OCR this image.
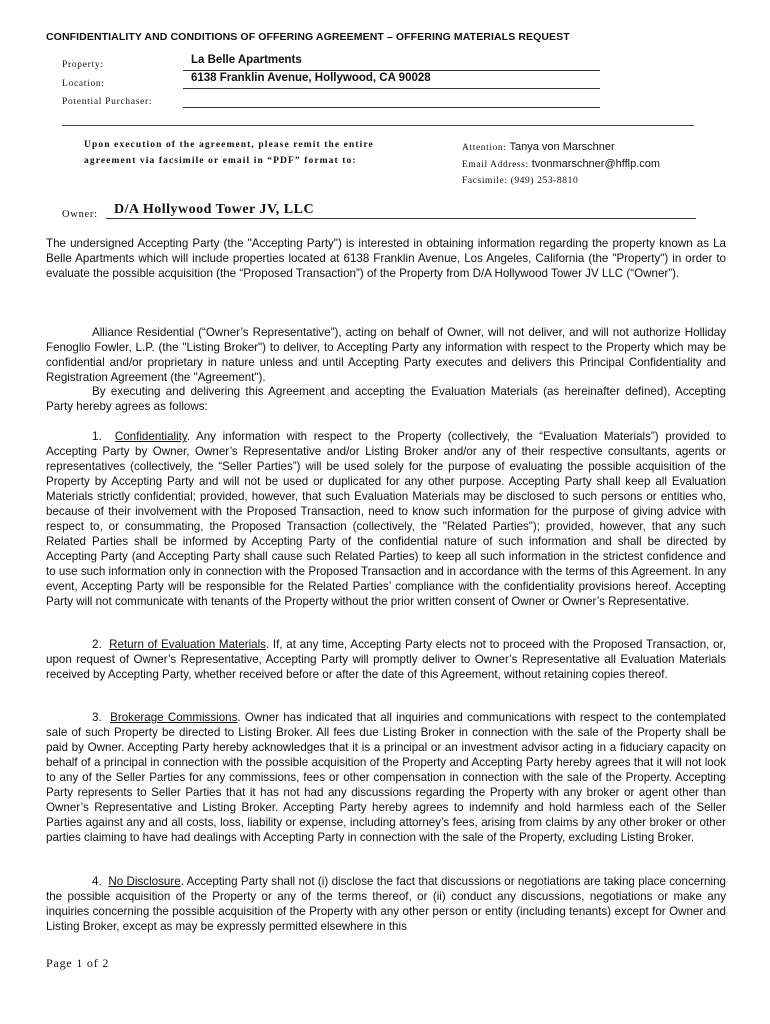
CONFIDENTIALITY AND CONDITIONS OF OFFERING AGREEMENT – OFFERING MATERIALS REQUEST
Property:	La Belle Apartments
Location:	6138 Franklin Avenue, Hollywood, CA 90028
Potential Purchaser:
Upon execution of the agreement, please remit the entire
agreement via facsimile or email in “PDF” format to:
Attention: Tanya von Marschner
Email Address: tvonmarschner@hfflp.com
Facsimile: (949) 253-8810
Owner: D/A Hollywood Tower JV, LLC
The undersigned Accepting Party (the "Accepting Party") is interested in obtaining information regarding the property known as La Belle Apartments which will include properties located at 6138 Franklin Avenue, Los Angeles, California (the "Property") in order to evaluate the possible acquisition (the “Proposed Transaction”) of the Property from D/A Hollywood Tower JV LLC (“Owner”).
Alliance Residential (“Owner’s Representative”), acting on behalf of Owner, will not deliver, and will not authorize Holliday Fenoglio Fowler, L.P. (the "Listing Broker") to deliver, to Accepting Party any information with respect to the Property which may be confidential and/or proprietary in nature unless and until Accepting Party executes and delivers this Principal Confidentiality and Registration Agreement (the "Agreement").
By executing and delivering this Agreement and accepting the Evaluation Materials (as hereinafter defined), Accepting Party hereby agrees as follows:
1. Confidentiality. Any information with respect to the Property (collectively, the “Evaluation Materials”) provided to Accepting Party by Owner, Owner’s Representative and/or Listing Broker and/or any of their respective consultants, agents or representatives (collectively, the “Seller Parties”) will be used solely for the purpose of evaluating the possible acquisition of the Property by Accepting Party and will not be used or duplicated for any other purpose. Accepting Party shall keep all Evaluation Materials strictly confidential; provided, however, that such Evaluation Materials may be disclosed to such persons or entities who, because of their involvement with the Proposed Transaction, need to know such information for the purpose of giving advice with respect to, or consummating, the Proposed Transaction (collectively, the "Related Parties"); provided, however, that any such Related Parties shall be informed by Accepting Party of the confidential nature of such information and shall be directed by Accepting Party (and Accepting Party shall cause such Related Parties) to keep all such information in the strictest confidence and to use such information only in connection with the Proposed Transaction and in accordance with the terms of this Agreement. In any event, Accepting Party will be responsible for the Related Parties’ compliance with the confidentiality provisions hereof. Accepting Party will not communicate with tenants of the Property without the prior written consent of Owner or Owner’s Representative.
2. Return of Evaluation Materials. If, at any time, Accepting Party elects not to proceed with the Proposed Transaction, or, upon request of Owner’s Representative, Accepting Party will promptly deliver to Owner’s Representative all Evaluation Materials received by Accepting Party, whether received before or after the date of this Agreement, without retaining copies thereof.
3. Brokerage Commissions. Owner has indicated that all inquiries and communications with respect to the contemplated sale of such Property be directed to Listing Broker. All fees due Listing Broker in connection with the sale of the Property shall be paid by Owner. Accepting Party hereby acknowledges that it is a principal or an investment advisor acting in a fiduciary capacity on behalf of a principal in connection with the possible acquisition of the Property and Accepting Party hereby agrees that it will not look to any of the Seller Parties for any commissions, fees or other compensation in connection with the sale of the Property. Accepting Party represents to Seller Parties that it has not had any discussions regarding the Property with any broker or agent other than Owner’s Representative and Listing Broker. Accepting Party hereby agrees to indemnify and hold harmless each of the Seller Parties against any and all costs, loss, liability or expense, including attorney’s fees, arising from claims by any other broker or other parties claiming to have had dealings with Accepting Party in connection with the sale of the Property, excluding Listing Broker.
4. No Disclosure. Accepting Party shall not (i) disclose the fact that discussions or negotiations are taking place concerning the possible acquisition of the Property or any of the terms thereof, or (ii) conduct any discussions, negotiations or make any inquiries concerning the possible acquisition of the Property with any other person or entity (including tenants) except for Owner and Listing Broker, except as may be expressly permitted elsewhere in this
Page 1 of 2
